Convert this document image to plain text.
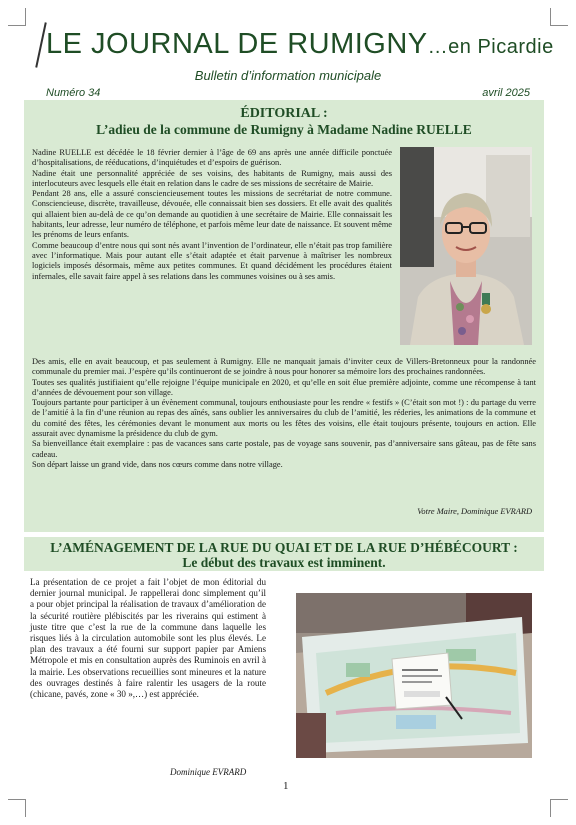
LE JOURNAL DE RUMIGNY…en Picardie
Bulletin d’information municipale
Numéro 34	avril 2025
ÉDITORIAL :
L’adieu de la commune de Rumigny à Madame Nadine RUELLE

Nadine RUELLE est décédée le 18 février dernier à l’âge de 69 ans après une année difficile ponctuée d’hospitalisations, de rééducations, d’inquiétudes et d’espoirs de guérison.

Nadine était une personnalité appréciée de ses voisins, des habitants de Rumigny, mais aussi des interlocuteurs avec lesquels elle était en relation dans le cadre de ses missions de secrétaire de Mairie.

Pendant 28 ans, elle a assuré consciencieusement toutes les missions de secrétariat de notre commune. Consciencieuse, discrète, travailleuse, dévouée, elle connaissait bien ses dossiers. Et elle avait des qualités qui allaient bien au-delà de ce qu’on demande au quotidien à une secrétaire de Mairie. Elle connaissait les habitants, leur adresse, leur numéro de téléphone, et parfois même leur date de naissance. Et souvent même les prénoms de leurs enfants.

Comme beaucoup d’entre nous qui sont nés avant l’invention de l’ordinateur, elle n’était pas trop familière avec l’informatique. Mais pour autant elle s’était adaptée et était parvenue à maîtriser les nombreux logiciels imposés désormais, même aux petites communes. Et quand décidément les procédures étaient infernales, elle savait faire appel à ses relations dans les communes voisines ou à ses amis.

Des amis, elle en avait beaucoup, et pas seulement à Rumigny. Elle ne manquait jamais d’inviter ceux de Villers-Bretonneux pour la randonnée communale du premier mai. J’espère qu’ils continueront de se joindre à nous pour honorer sa mémoire lors des prochaines randonnées.

Toutes ses qualités justifiaient qu’elle rejoigne l’équipe municipale en 2020, et qu’elle en soit élue première adjointe, comme une récompense à tant d’années de dévouement pour son village.

Toujours partante pour participer à un évènement communal, toujours enthousiaste pour les rendre « festifs » (C’était son mot !) : du partage du verre de l’amitié à la fin d’une réunion au repas des aînés, sans oublier les anniversaires du club de l’amitié, les réderies, les animations de la commune et du comité des fêtes, les cérémonies devant le monument aux morts ou les fêtes des voisins, elle était toujours présente, toujours en action. Elle assurait avec dynamisme la présidence du club de gym.

Sa bienveillance était exemplaire : pas de vacances sans carte postale, pas de voyage sans souvenir, pas d’anniversaire sans gâteau, pas de fête sans cadeau.

Son départ laisse un grand vide, dans nos cœurs comme dans notre village.

Votre Maire, Dominique EVRARD
L’AMÉNAGEMENT DE LA RUE DU QUAI ET DE LA RUE D’HÉBÉCOURT :
Le début des travaux est imminent.
La présentation de ce projet a fait l’objet de mon éditorial du dernier journal municipal. Je rappellerai donc simplement qu’il a pour objet principal la réalisation de travaux d’amélioration de la sécurité routière plébiscités par les riverains qui estiment à juste titre que c’est la rue de la commune dans laquelle les risques liés à la circulation automobile sont les plus élevés. Le plan des travaux a été fourni sur support papier par Amiens Métropole et mis en consultation auprès des Ruminois en avril à la mairie. Les observations recueillies sont mineures et la nature des ouvrages destinés à faire ralentir les usagers de la route (chicane, pavés, zone « 30 »,…) est appréciée.
Dominique EVRARD
1
